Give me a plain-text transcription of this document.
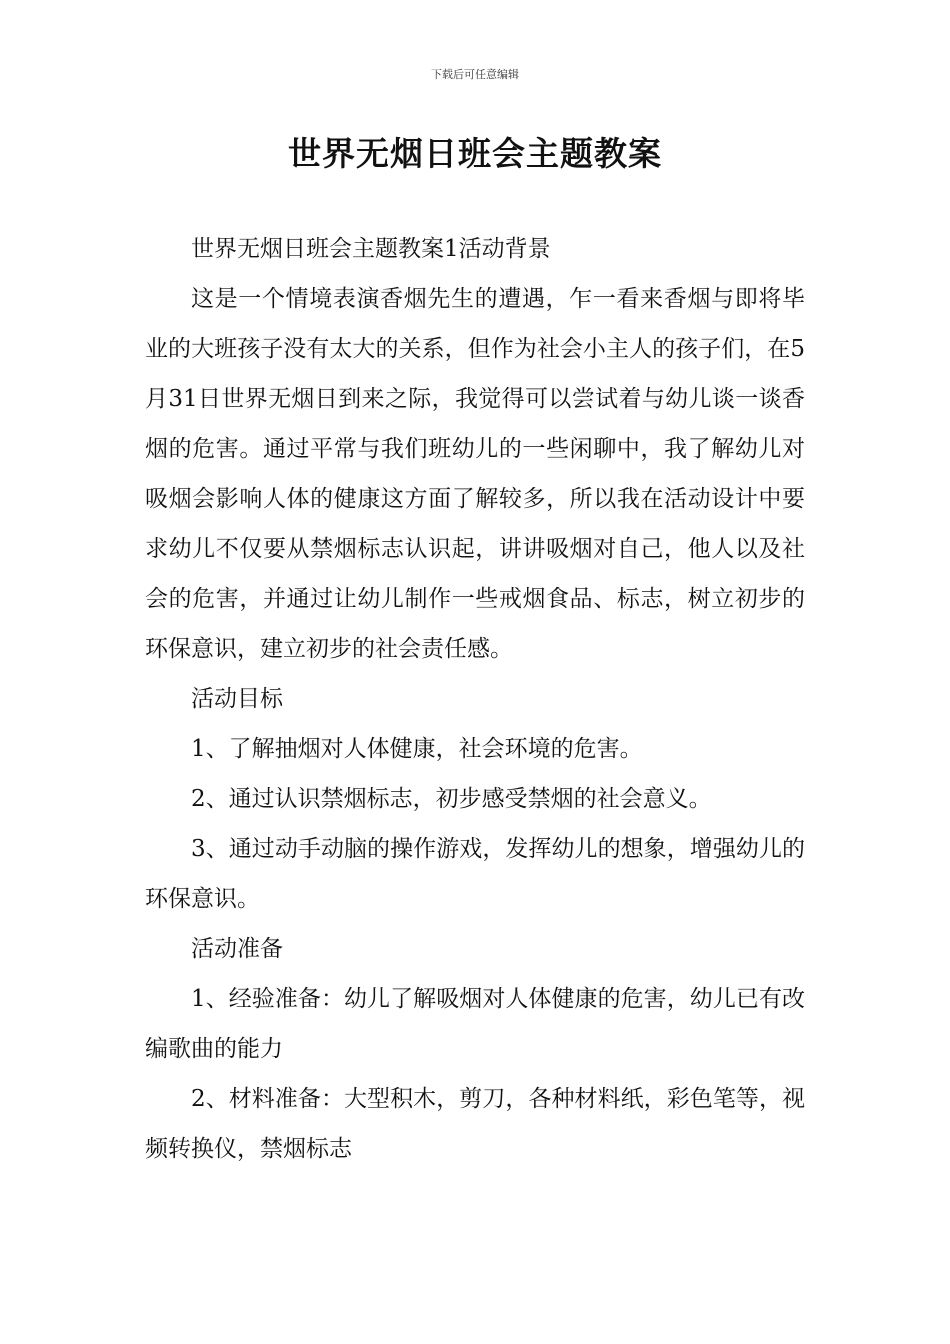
下载后可任意编辑
世界无烟日班会主题教案

世界无烟日班会主题教案1活动背景

这是一个情境表演香烟先生的遭遇，乍一看来香烟与即将毕业的大班孩子没有太大的关系，但作为社会小主人的孩子们，在5月31日世界无烟日到来之际，我觉得可以尝试着与幼儿谈一谈香烟的危害。通过平常与我们班幼儿的一些闲聊中，我了解幼儿对吸烟会影响人体的健康这方面了解较多，所以我在活动设计中要求幼儿不仅要从禁烟标志认识起，讲讲吸烟对自己，他人以及社会的危害，并通过让幼儿制作一些戒烟食品、标志，树立初步的环保意识，建立初步的社会责任感。

活动目标

1、了解抽烟对人体健康，社会环境的危害。

2、通过认识禁烟标志，初步感受禁烟的社会意义。

3、通过动手动脑的操作游戏，发挥幼儿的想象，增强幼儿的环保意识。

活动准备

1、经验准备：幼儿了解吸烟对人体健康的危害，幼儿已有改编歌曲的能力

2、材料准备：大型积木，剪刀，各种材料纸，彩色笔等，视频转换仪，禁烟标志
